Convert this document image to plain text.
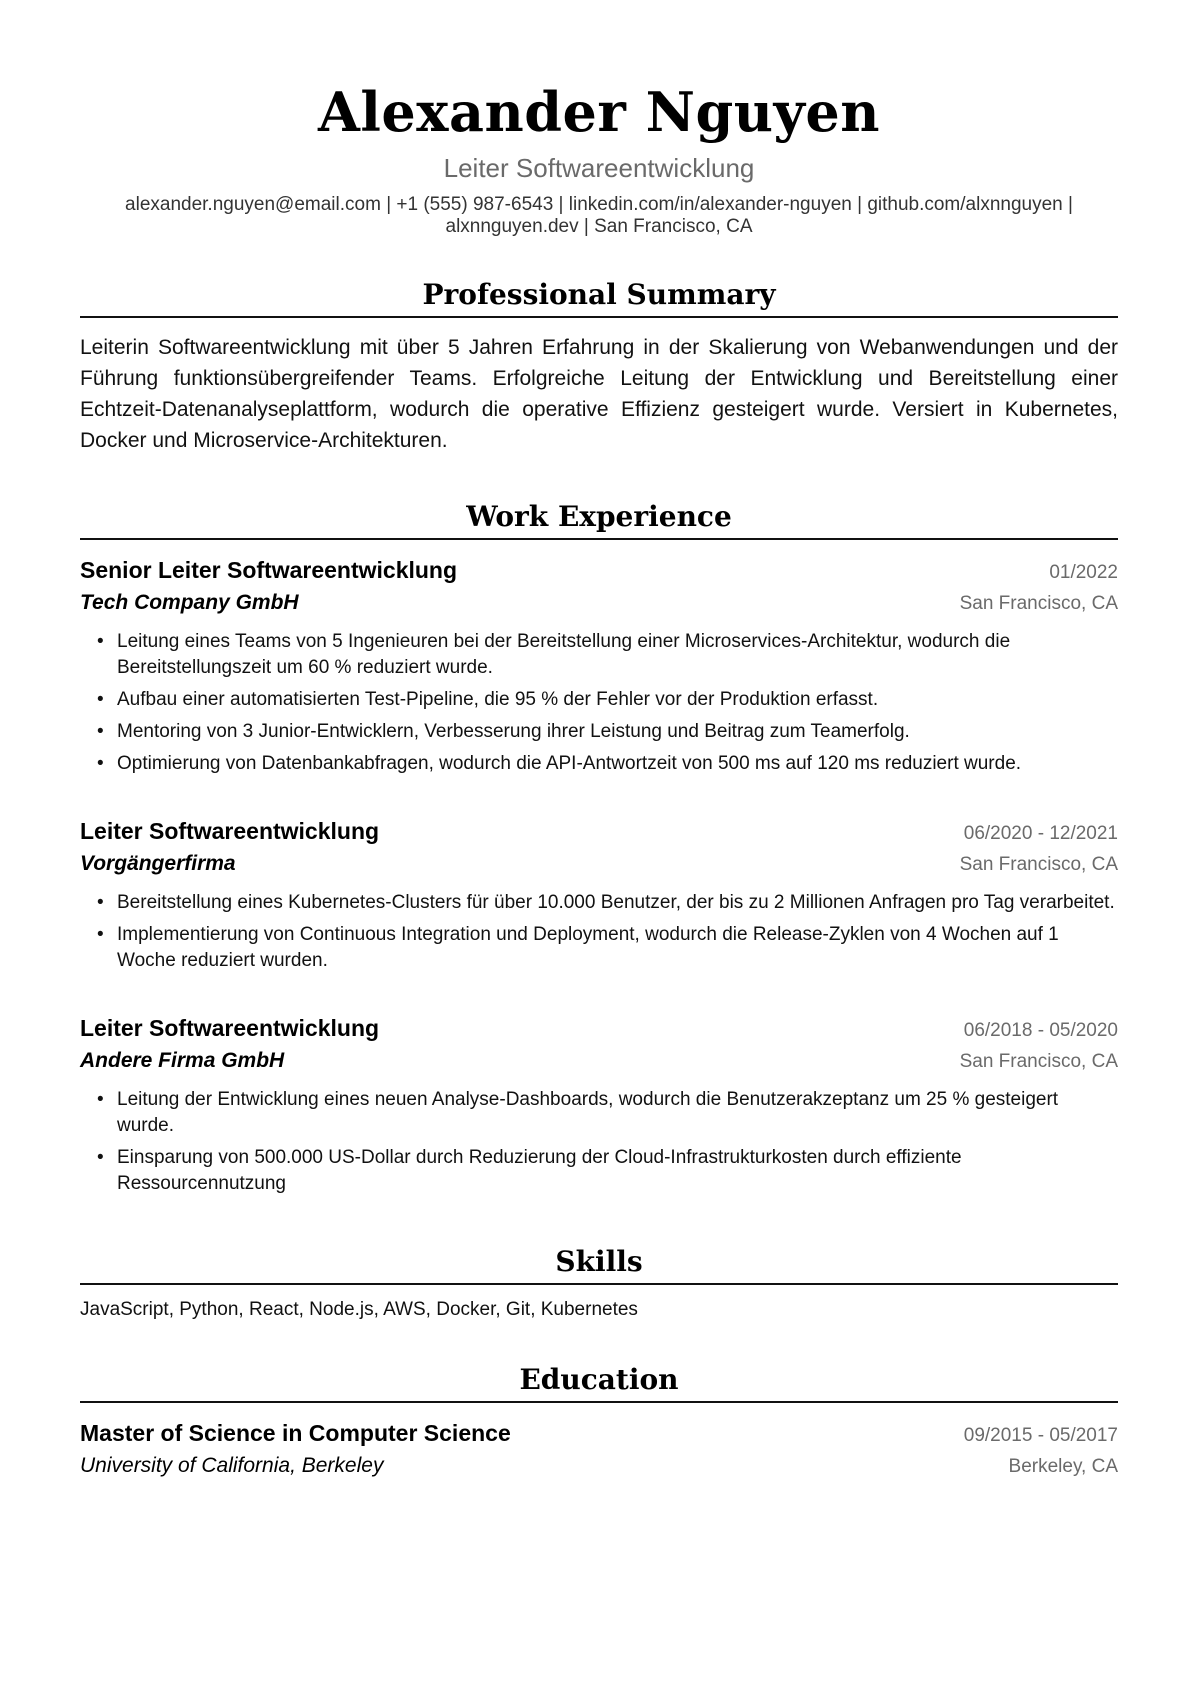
Alexander Nguyen
Leiter Softwareentwicklung
alexander.nguyen@email.com | +1 (555) 987-6543 | linkedin.com/in/alexander-nguyen | github.com/alxnnguyen |
alxnnguyen.dev | San Francisco, CA
Professional Summary
Leiterin Softwareentwicklung mit über 5 Jahren Erfahrung in der Skalierung von Webanwendungen und der Führung funktionsübergreifender Teams. Erfolgreiche Leitung der Entwicklung und Bereitstellung einer Echtzeit-Datenanalyseplattform, wodurch die operative Effizienz gesteigert wurde. Versiert in Kubernetes, Docker und Microservice-Architekturen.
Work Experience
Senior Leiter Softwareentwicklung	01/2022
Tech Company GmbH	San Francisco, CA
• Leitung eines Teams von 5 Ingenieuren bei der Bereitstellung einer Microservices-Architektur, wodurch die Bereitstellungszeit um 60 % reduziert wurde.
• Aufbau einer automatisierten Test-Pipeline, die 95 % der Fehler vor der Produktion erfasst.
• Mentoring von 3 Junior-Entwicklern, Verbesserung ihrer Leistung und Beitrag zum Teamerfolg.
• Optimierung von Datenbankabfragen, wodurch die API-Antwortzeit von 500 ms auf 120 ms reduziert wurde.
Leiter Softwareentwicklung	06/2020 - 12/2021
Vorgängerfirma	San Francisco, CA
• Bereitstellung eines Kubernetes-Clusters für über 10.000 Benutzer, der bis zu 2 Millionen Anfragen pro Tag verarbeitet.
• Implementierung von Continuous Integration und Deployment, wodurch die Release-Zyklen von 4 Wochen auf 1 Woche reduziert wurden.
Leiter Softwareentwicklung	06/2018 - 05/2020
Andere Firma GmbH	San Francisco, CA
• Leitung der Entwicklung eines neuen Analyse-Dashboards, wodurch die Benutzerakzeptanz um 25 % gesteigert wurde.
• Einsparung von 500.000 US-Dollar durch Reduzierung der Cloud-Infrastrukturkosten durch effiziente Ressourcennutzung
Skills
JavaScript, Python, React, Node.js, AWS, Docker, Git, Kubernetes
Education
Master of Science in Computer Science	09/2015 - 05/2017
University of California, Berkeley	Berkeley, CA
